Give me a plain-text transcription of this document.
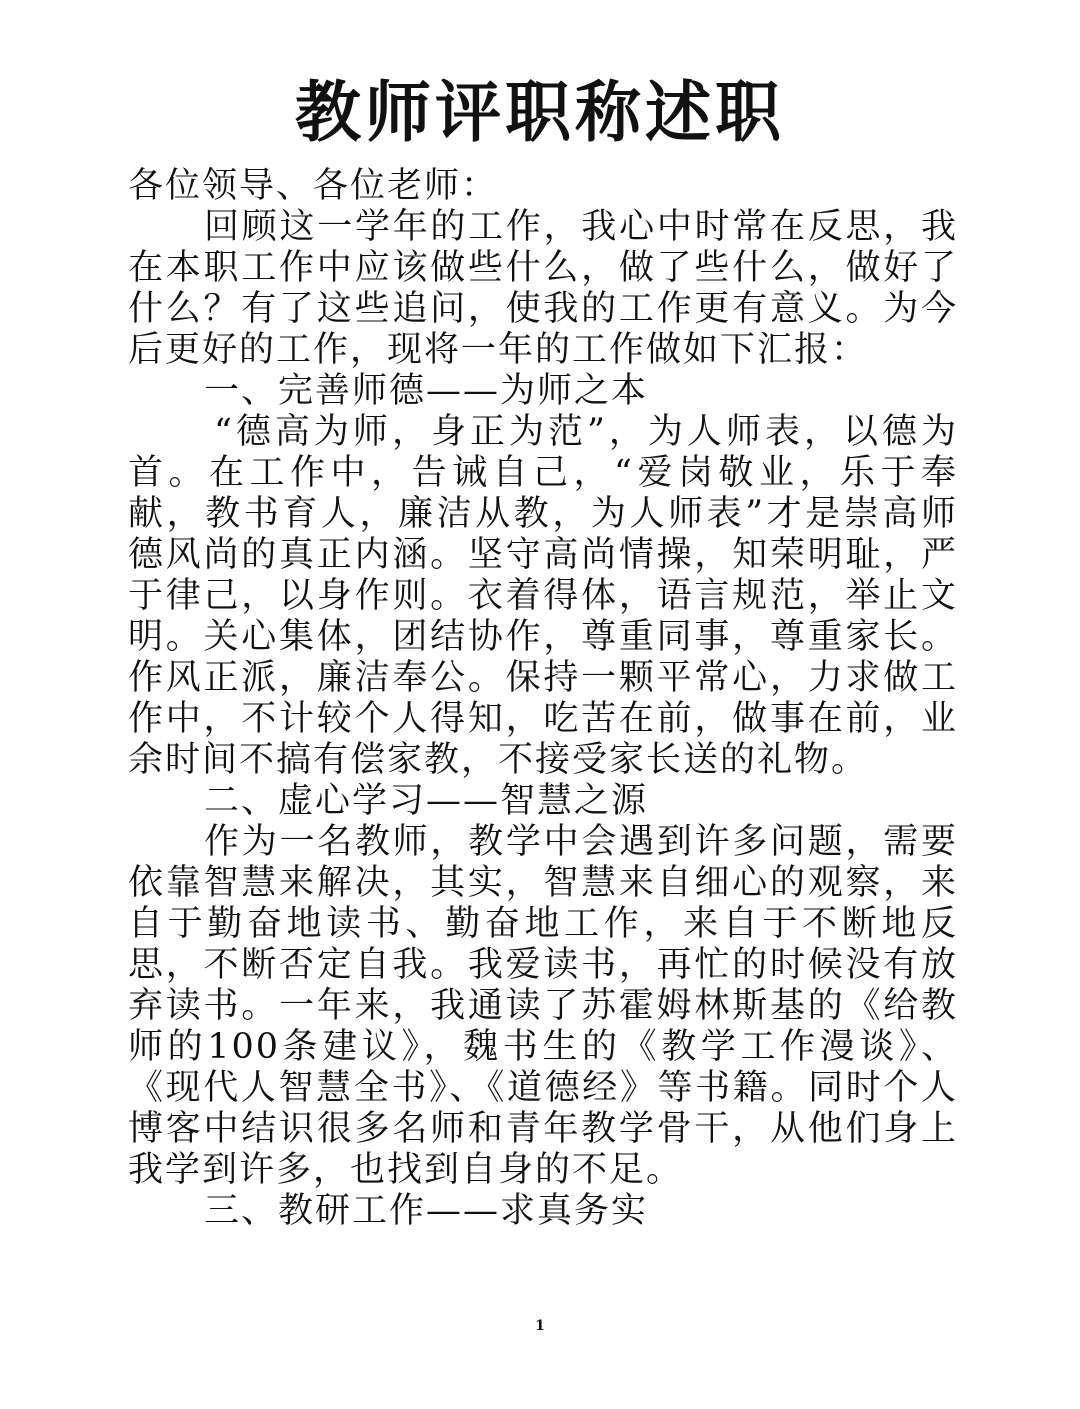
教师评职称述职

各位领导、各位老师：

回顾这一学年的工作，我心中时常在反思，我在本职工作中应该做些什么，做了些什么，做好了什么？有了这些追问，使我的工作更有意义。为今后更好的工作，现将一年的工作做如下汇报：

一、完善师德——为师之本

“德高为师，身正为范”，为人师表，以德为首。在工作中，告诫自己，“爱岗敬业，乐于奉献，教书育人，廉洁从教，为人师表”才是崇高师德风尚的真正内涵。坚守高尚情操，知荣明耻，严于律己，以身作则。衣着得体，语言规范，举止文明。关心集体，团结协作，尊重同事，尊重家长。作风正派，廉洁奉公。保持一颗平常心，力求做工作中，不计较个人得知，吃苦在前，做事在前，业余时间不搞有偿家教，不接受家长送的礼物。

二、虚心学习——智慧之源

作为一名教师，教学中会遇到许多问题，需要依靠智慧来解决，其实，智慧来自细心的观察，来自于勤奋地读书、勤奋地工作，来自于不断地反思，不断否定自我。我爱读书，再忙的时候没有放弃读书。一年来，我通读了苏霍姆林斯基的《给教师的100条建议》，魏书生的《教学工作漫谈》、《现代人智慧全书》、《道德经》等书籍。同时个人博客中结识很多名师和青年教学骨干，从他们身上我学到许多，也找到自身的不足。

三、教研工作——求真务实

1
